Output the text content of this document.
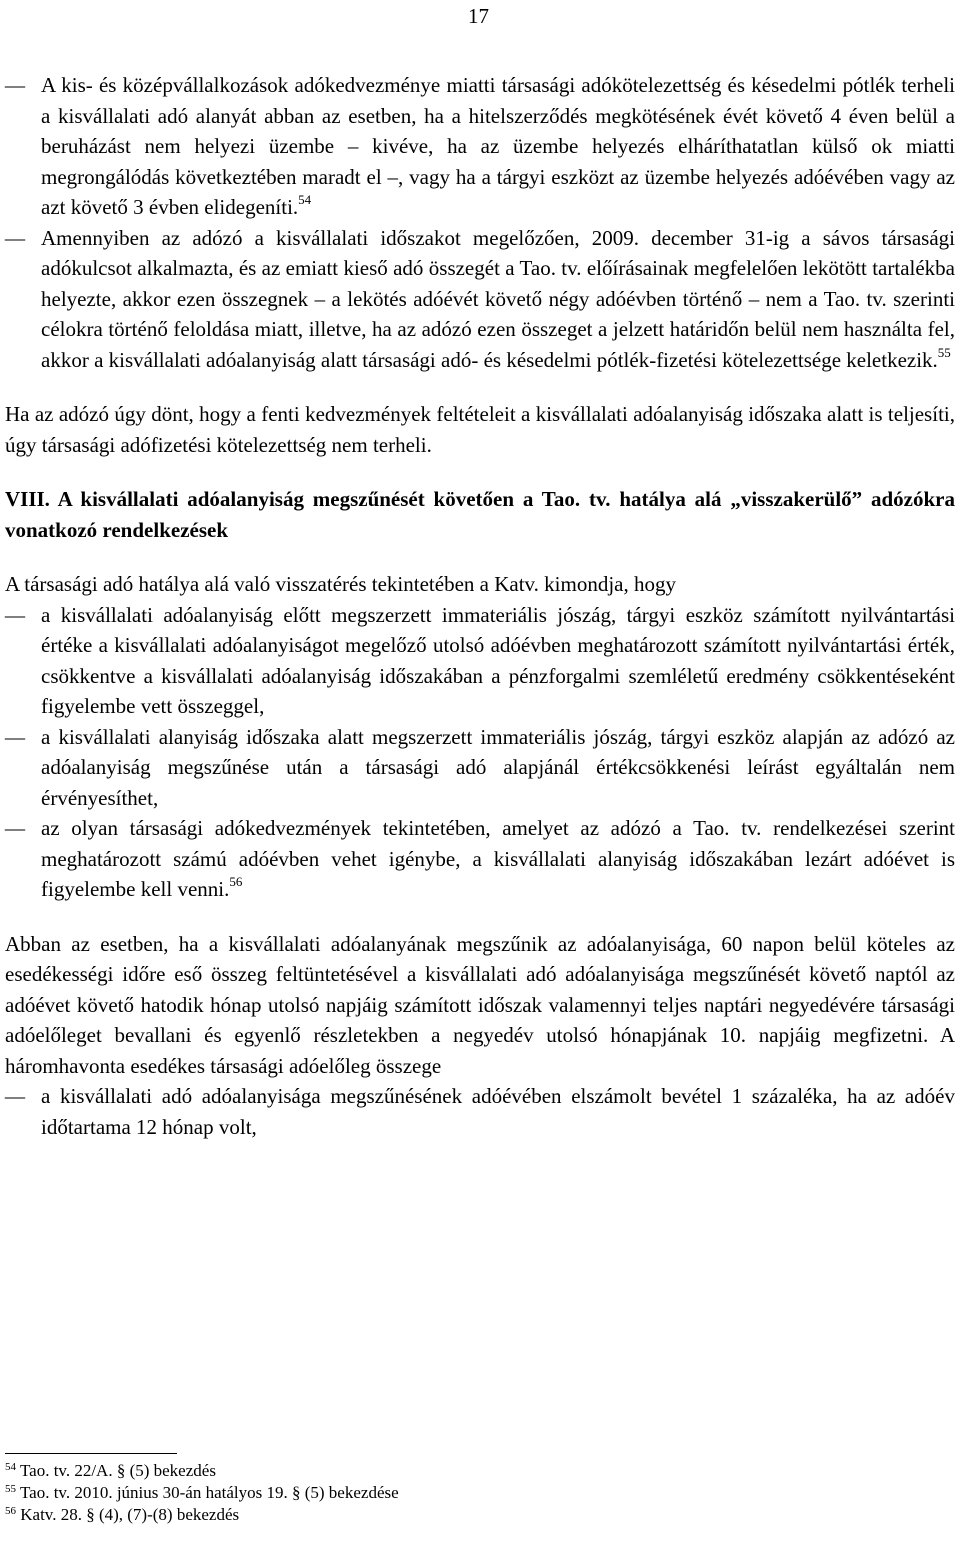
17

–
A kis- és középvállalkozások adókedvezménye miatti társasági adókötelezettség és késedelmi pótlék terheli a kisvállalati adó alanyát abban az esetben, ha a hitelszerződés megkötésének évét követő 4 éven belül a beruházást nem helyezi üzembe – kivéve, ha az üzembe helyezés elháríthatatlan külső ok miatti megrongálódás következtében maradt el –, vagy ha a tárgyi eszközt az üzembe helyezés adóévében vagy az azt követő 3 évben elidegeníti.$^{54}$

–
Amennyiben az adózó a kisvállalati időszakot megelőzően, 2009. december 31-ig a sávos társasági adókulcsot alkalmazta, és az emiatt kieső adó összegét a Tao. tv. előírásainak megfelelően lekötött tartalékba helyezte, akkor ezen összegnek – a lekötés adóévét követő négy adóévben történő – nem a Tao. tv. szerinti célokra történő feloldása miatt, illetve, ha az adózó ezen összeget a jelzett határidőn belül nem használta fel, akkor a kisvállalati adóalanyiság alatt társasági adó- és késedelmi pótlék-fizetési kötelezettsége keletkezik.$^{55}$

Ha az adózó úgy dönt, hogy a fenti kedvezmények feltételeit a kisvállalati adóalanyiság időszaka alatt is teljesíti, úgy társasági adófizetési kötelezettség nem terheli.

VIII. A kisvállalati adóalanyiság megszűnését követően a Tao. tv. hatálya alá „visszakerülő” adózókra vonatkozó rendelkezések

A társasági adó hatálya alá való visszatérés tekintetében a Katv. kimondja, hogy

–
a kisvállalati adóalanyiság előtt megszerzett immateriális jószág, tárgyi eszköz számított nyilvántartási értéke a kisvállalati adóalanyiságot megelőző utolsó adóévben meghatározott számított nyilvántartási érték, csökkentve a kisvállalati adóalanyiság időszakában a pénzforgalmi szemléletű eredmény csökkentéseként figyelembe vett összeggel,

–
a kisvállalati alanyiság időszaka alatt megszerzett immateriális jószág, tárgyi eszköz alapján az adózó az adóalanyiság megszűnése után a társasági adó alapjánál értékcsökkenési leírást egyáltalán nem érvényesíthet,

–
az olyan társasági adókedvezmények tekintetében, amelyet az adózó a Tao. tv. rendelkezései szerint meghatározott számú adóévben vehet igénybe, a kisvállalati alanyiság időszakában lezárt adóévet is figyelembe kell venni.$^{56}$

Abban az esetben, ha a kisvállalati adóalanyának megszűnik az adóalanyisága, 60 napon belül köteles az esedékességi időre eső összeg feltüntetésével a kisvállalati adó adóalanyisága megszűnését követő naptól az adóévet követő hatodik hónap utolsó napjáig számított időszak valamennyi teljes naptári negyedévére társasági adóelőleget bevallani és egyenlő részletekben a negyedév utolsó hónapjának 10. napjáig megfizetni. A háromhavonta esedékes társasági adóelőleg összege

–
a kisvállalati adó adóalanyisága megszűnésének adóévében elszámolt bevétel 1 százaléka, ha az adóév időtartama 12 hónap volt,

$^{54}$ Tao. tv. 22/A. § (5) bekezdés

$^{55}$ Tao. tv. 2010. június 30-án hatályos 19. § (5) bekezdése

$^{56}$ Katv. 28. § (4), (7)-(8) bekezdés
